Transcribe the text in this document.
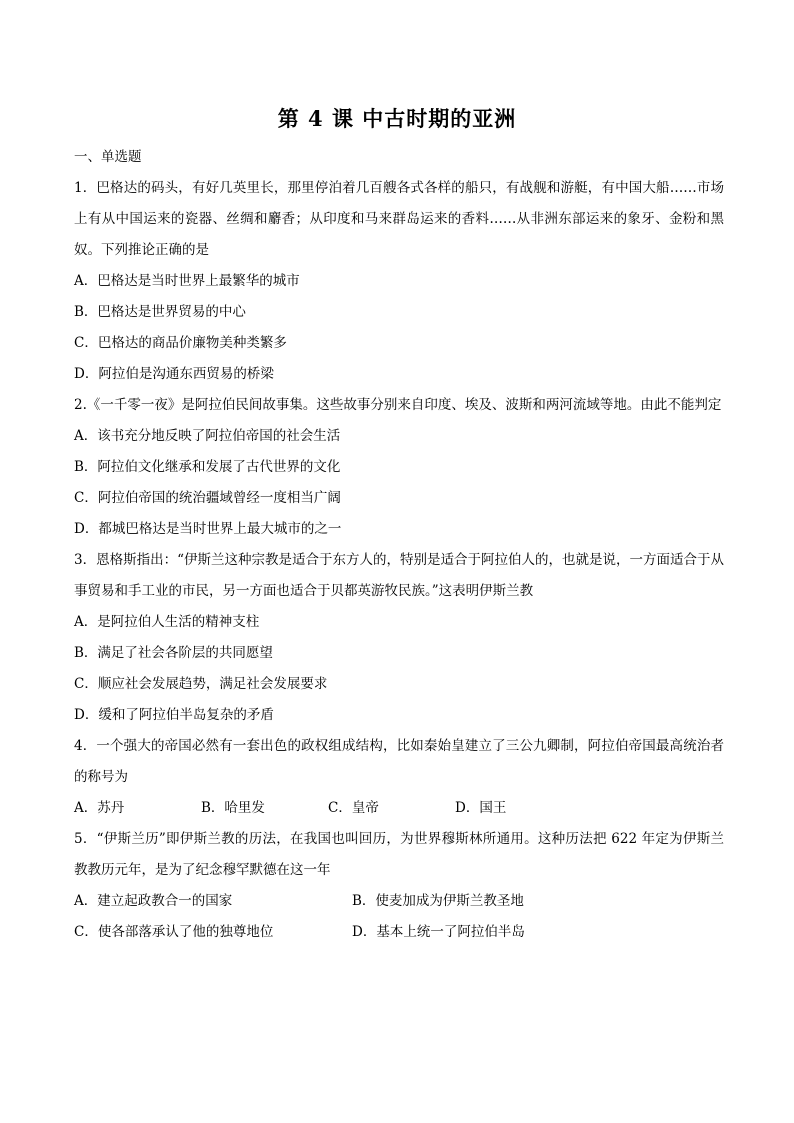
第 4 课 中古时期的亚洲
一、单选题
1．巴格达的码头，有好几英里长，那里停泊着几百艘各式各样的船只，有战舰和游艇，有中国大船……市场上有从中国运来的瓷器、丝绸和麝香；从印度和马来群岛运来的香料……从非洲东部运来的象牙、金粉和黑奴。下列推论正确的是
A．巴格达是当时世界上最繁华的城市
B．巴格达是世界贸易的中心
C．巴格达的商品价廉物美种类繁多
D．阿拉伯是沟通东西贸易的桥梁
2.《一千零一夜》是阿拉伯民间故事集。这些故事分别来自印度、埃及、波斯和两河流域等地。由此不能判定
A．该书充分地反映了阿拉伯帝国的社会生活
B．阿拉伯文化继承和发展了古代世界的文化
C．阿拉伯帝国的统治疆域曾经一度相当广阔
D．都城巴格达是当时世界上最大城市的之一
3．恩格斯指出：“伊斯兰这种宗教是适合于东方人的，特别是适合于阿拉伯人的，也就是说，一方面适合于从事贸易和手工业的市民，另一方面也适合于贝都英游牧民族。”这表明伊斯兰教
A．是阿拉伯人生活的精神支柱
B．满足了社会各阶层的共同愿望
C．顺应社会发展趋势，满足社会发展要求
D．缓和了阿拉伯半岛复杂的矛盾
4．一个强大的帝国必然有一套出色的政权组成结构，比如秦始皇建立了三公九卿制，阿拉伯帝国最高统治者的称号为
A．苏丹	B．哈里发	C．皇帝	D．国王
5．“伊斯兰历”即伊斯兰教的历法，在我国也叫回历，为世界穆斯林所通用。这种历法把 622 年定为伊斯兰教教历元年，是为了纪念穆罕默德在这一年
A．建立起政教合一的国家	B．使麦加成为伊斯兰教圣地
C．使各部落承认了他的独尊地位	D．基本上统一了阿拉伯半岛
